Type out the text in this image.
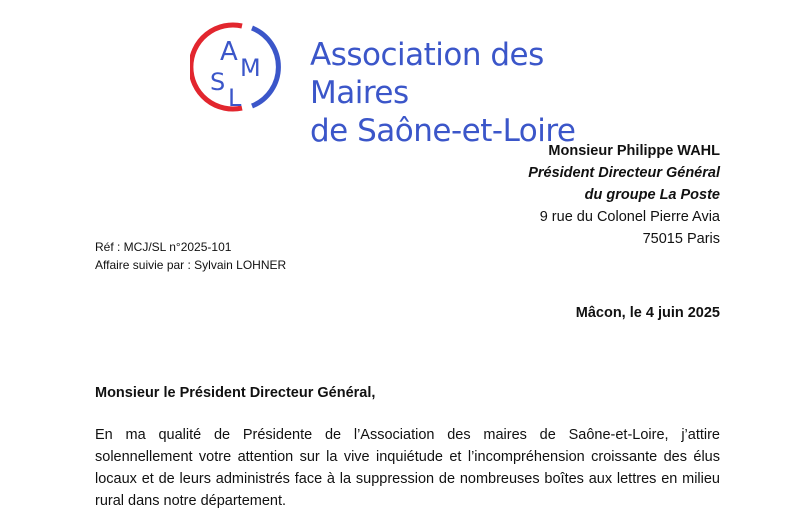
A
M
S
L
Association des Maires
de Saône-et-Loire
Monsieur Philippe WAHL
Président Directeur Général
du groupe La Poste
9 rue du Colonel Pierre Avia
75015 Paris
Réf : MCJ/SL n°2025-101
Affaire suivie par : Sylvain LOHNER
Mâcon, le 4 juin 2025
Monsieur le Président Directeur Général,
En ma qualité de Présidente de l’Association des maires de Saône-et-Loire, j’attire solennellement votre attention sur la vive inquiétude et l’incompréhension croissante des élus locaux et de leurs administrés face à la suppression de nombreuses boîtes aux lettres en milieu rural dans notre département.
